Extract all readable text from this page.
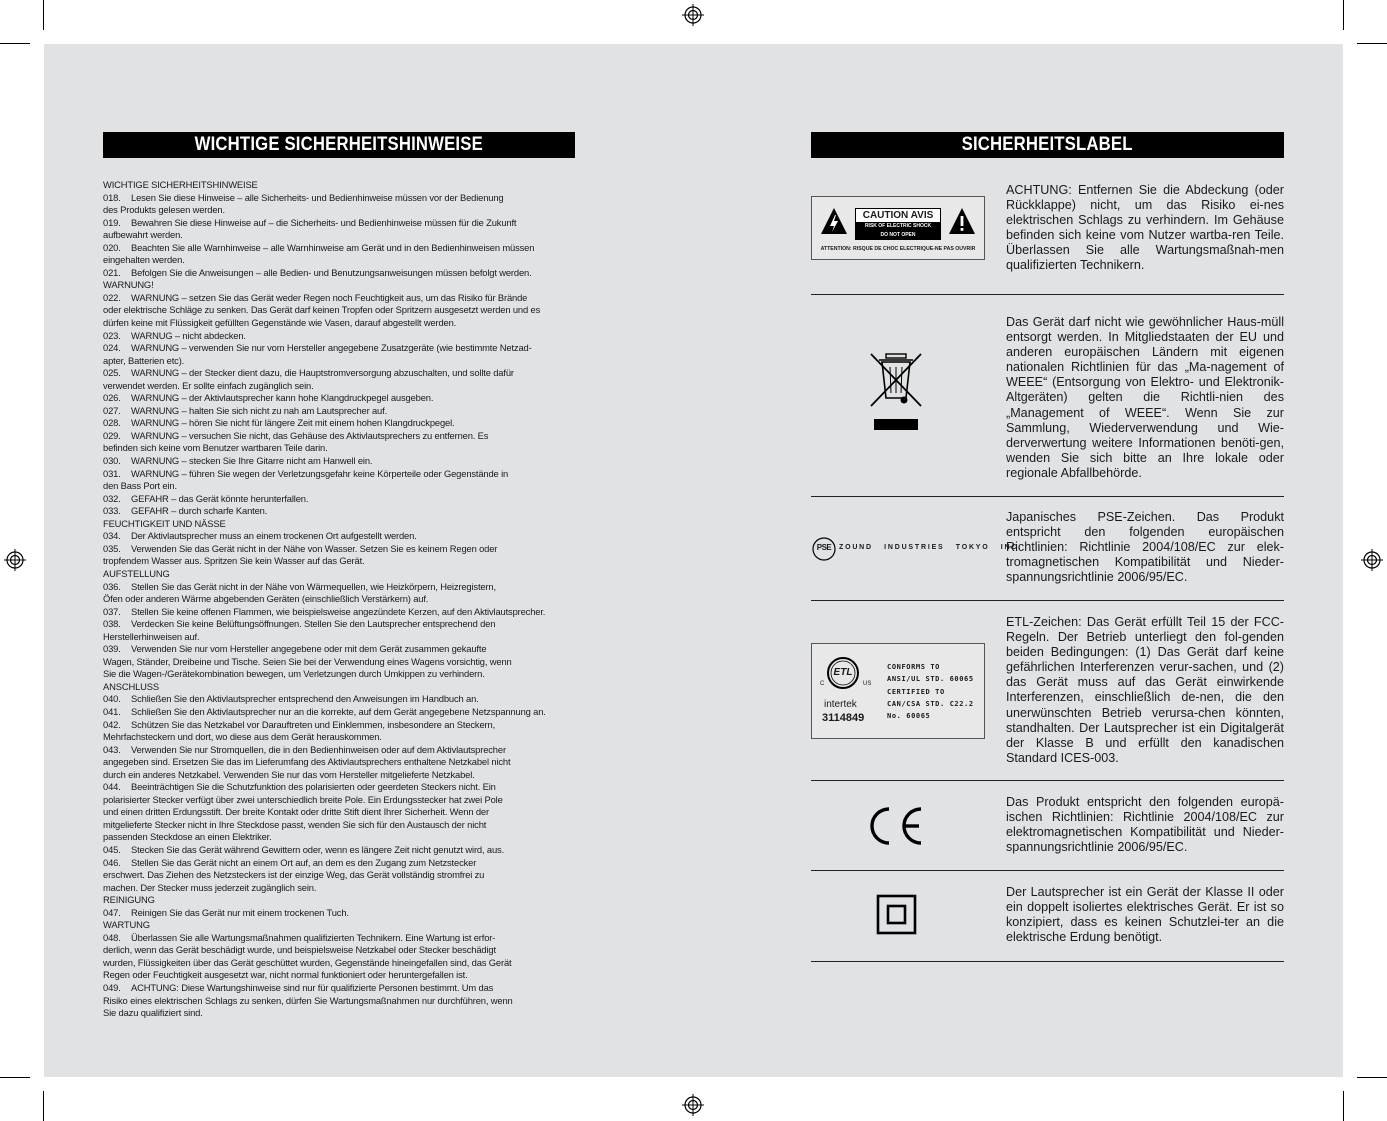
WICHTIGE SICHERHEITSHINWEISE
WICHTIGE SICHERHEITSHINWEISE
018. Lesen Sie diese Hinweise – alle Sicherheits- und Bedienhinweise müssen vor der Bedienung
des Produkts gelesen werden.
019. Bewahren Sie diese Hinweise auf – die Sicherheits- und Bedienhinweise müssen für die Zukunft
aufbewahrt werden.
020. Beachten Sie alle Warnhinweise – alle Warnhinweise am Gerät und in den Bedienhinweisen müssen
eingehalten werden.
021. Befolgen Sie die Anweisungen – alle Bedien- und Benutzungsanweisungen müssen befolgt werden.
WARNUNG!
022. WARNUNG – setzen Sie das Gerät weder Regen noch Feuchtigkeit aus, um das Risiko für Brände
oder elektrische Schläge zu senken. Das Gerät darf keinen Tropfen oder Spritzern ausgesetzt werden und es
dürfen keine mit Flüssigkeit gefüllten Gegenstände wie Vasen, darauf abgestellt werden.
023. WARNUG – nicht abdecken.
024. WARNUNG – verwenden Sie nur vom Hersteller angegebene Zusatzgeräte (wie bestimmte Netzad-
apter, Batterien etc).
025. WARNUNG – der Stecker dient dazu, die Hauptstromversorgung abzuschalten, und sollte dafür
verwendet werden. Er sollte einfach zugänglich sein.
026. WARNUNG – der Aktivlautsprecher kann hohe Klangdruckpegel ausgeben.
027. WARNUNG – halten Sie sich nicht zu nah am Lautsprecher auf.
028. WARNUNG – hören Sie nicht für längere Zeit mit einem hohen Klangdruckpegel.
029. WARNUNG – versuchen Sie nicht, das Gehäuse des Aktivlautsprechers zu entfernen. Es
befinden sich keine vom Benutzer wartbaren Teile darin.
030. WARNUNG – stecken Sie Ihre Gitarre nicht am Hanwell ein.
031. WARNUNG – führen Sie wegen der Verletzungsgefahr keine Körperteile oder Gegenstände in
den Bass Port ein.
032. GEFAHR – das Gerät könnte herunterfallen.
033. GEFAHR – durch scharfe Kanten.
FEUCHTIGKEIT UND NÄSSE
034. Der Aktivlautsprecher muss an einem trockenen Ort aufgestellt werden.
035. Verwenden Sie das Gerät nicht in der Nähe von Wasser. Setzen Sie es keinem Regen oder
tropfendem Wasser aus. Spritzen Sie kein Wasser auf das Gerät.
AUFSTELLUNG
036. Stellen Sie das Gerät nicht in der Nähe von Wärmequellen, wie Heizkörpern, Heizregistern,
Öfen oder anderen Wärme abgebenden Geräten (einschließlich Verstärkern) auf.
037. Stellen Sie keine offenen Flammen, wie beispielsweise angezündete Kerzen, auf den Aktivlautsprecher.
038. Verdecken Sie keine Belüftungsöffnungen. Stellen Sie den Lautsprecher entsprechend den
Herstellerhinweisen auf.
039. Verwenden Sie nur vom Hersteller angegebene oder mit dem Gerät zusammen gekaufte
Wagen, Ständer, Dreibeine und Tische. Seien Sie bei der Verwendung eines Wagens vorsichtig, wenn
Sie die Wagen-/Gerätekombination bewegen, um Verletzungen durch Umkippen zu verhindern.
ANSCHLUSS
040. Schließen Sie den Aktivlautsprecher entsprechend den Anweisungen im Handbuch an.
041. Schließen Sie den Aktivlautsprecher nur an die korrekte, auf dem Gerät angegebene Netzspannung an.
042. Schützen Sie das Netzkabel vor Darauftreten und Einklemmen, insbesondere an Steckern,
Mehrfachsteckern und dort, wo diese aus dem Gerät herauskommen.
043. Verwenden Sie nur Stromquellen, die in den Bedienhinweisen oder auf dem Aktivlautsprecher
angegeben sind. Ersetzen Sie das im Lieferumfang des Aktivlautsprechers enthaltene Netzkabel nicht
durch ein anderes Netzkabel. Verwenden Sie nur das vom Hersteller mitgelieferte Netzkabel.
044. Beeinträchtigen Sie die Schutzfunktion des polarisierten oder geerdeten Steckers nicht. Ein
polarisierter Stecker verfügt über zwei unterschiedlich breite Pole. Ein Erdungsstecker hat zwei Pole
und einen dritten Erdungsstift. Der breite Kontakt oder dritte Stift dient Ihrer Sicherheit. Wenn der
mitgelieferte Stecker nicht in Ihre Steckdose passt, wenden Sie sich für den Austausch der nicht
passenden Steckdose an einen Elektriker.
045. Stecken Sie das Gerät während Gewittern oder, wenn es längere Zeit nicht genutzt wird, aus.
046. Stellen Sie das Gerät nicht an einem Ort auf, an dem es den Zugang zum Netzstecker
erschwert. Das Ziehen des Netzsteckers ist der einzige Weg, das Gerät vollständig stromfrei zu
machen. Der Stecker muss jederzeit zugänglich sein.
REINIGUNG
047. Reinigen Sie das Gerät nur mit einem trockenen Tuch.
WARTUNG
048. Überlassen Sie alle Wartungsmaßnahmen qualifizierten Technikern. Eine Wartung ist erfor-
derlich, wenn das Gerät beschädigt wurde, und beispielsweise Netzkabel oder Stecker beschädigt
wurden, Flüssigkeiten über das Gerät geschüttet wurden, Gegenstände hineingefallen sind, das Gerät
Regen oder Feuchtigkeit ausgesetzt war, nicht normal funktioniert oder heruntergefallen ist.
049. ACHTUNG: Diese Wartungshinweise sind nur für qualifizierte Personen bestimmt. Um das
Risiko eines elektrischen Schlags zu senken, dürfen Sie Wartungsmaßnahmen nur durchführen, wenn
Sie dazu qualifiziert sind.
SICHERHEITSLABEL
CAUTION AVIS
RISK OF ELECTRIC SHOCK
DO NOT OPEN
ATTENTION: RISQUE DE CHOC ELECTRIQUE-NE PAS OUVRIR
ACHTUNG: Entfernen Sie die Abdeckung (oder Rückklappe) nicht, um das Risiko ei-nes elektrischen Schlags zu verhindern. Im Gehäuse befinden sich keine vom Nutzer wartba-ren Teile. Überlassen Sie alle Wartungsmaßnah-men qualifizierten Technikern.
Das Gerät darf nicht wie gewöhnlicher Haus-müll entsorgt werden. In Mitgliedstaaten der EU und anderen europäischen Ländern mit eigenen nationalen Richtlinien für das „Ma-nagement of WEEE“ (Entsorgung von Elektro- und Elektronik-Altgeräten) gelten die Richtli-nien des „Management of WEEE“. Wenn Sie zur Sammlung, Wiederverwendung und Wie-derverwertung weitere Informationen benöti-gen, wenden Sie sich bitte an Ihre lokale oder regionale Abfallbehörde.
PSE	ZOUND   INDUSTRIES   TOKYO   INC.
Japanisches PSE-Zeichen. Das Produkt entspricht den folgenden europäischen Richtlinien: Richtlinie 2004/108/EC zur elek-tromagnetischen Kompatibilität und Nieder-spannungsrichtlinie 2006/95/EC.
ETL
C	US
intertek
3114849
CONFORMS TO
ANSI/UL STD. 60065
CERTIFIED TO
CAN/CSA STD. C22.2
No. 60065
ETL-Zeichen: Das Gerät erfüllt Teil 15 der FCC-Regeln. Der Betrieb unterliegt den fol-genden beiden Bedingungen: (1) Das Gerät darf keine gefährlichen Interferenzen verur-sachen, und (2) das Gerät muss auf das Gerät einwirkende Interferenzen, einschließlich de-nen, die den unerwünschten Betrieb verursa-chen könnten, standhalten. Der Lautsprecher ist ein Digitalgerät der Klasse B und erfüllt den kanadischen Standard ICES-003.
Das Produkt entspricht den folgenden europä-ischen Richtlinien: Richtlinie 2004/108/EC zur elektromagnetischen Kompatibilität und Nieder-spannungsrichtlinie 2006/95/EC.
Der Lautsprecher ist ein Gerät der Klasse II oder ein doppelt isoliertes elektrisches Gerät. Er ist so konzipiert, dass es keinen Schutzlei-ter an die elektrische Erdung benötigt.
